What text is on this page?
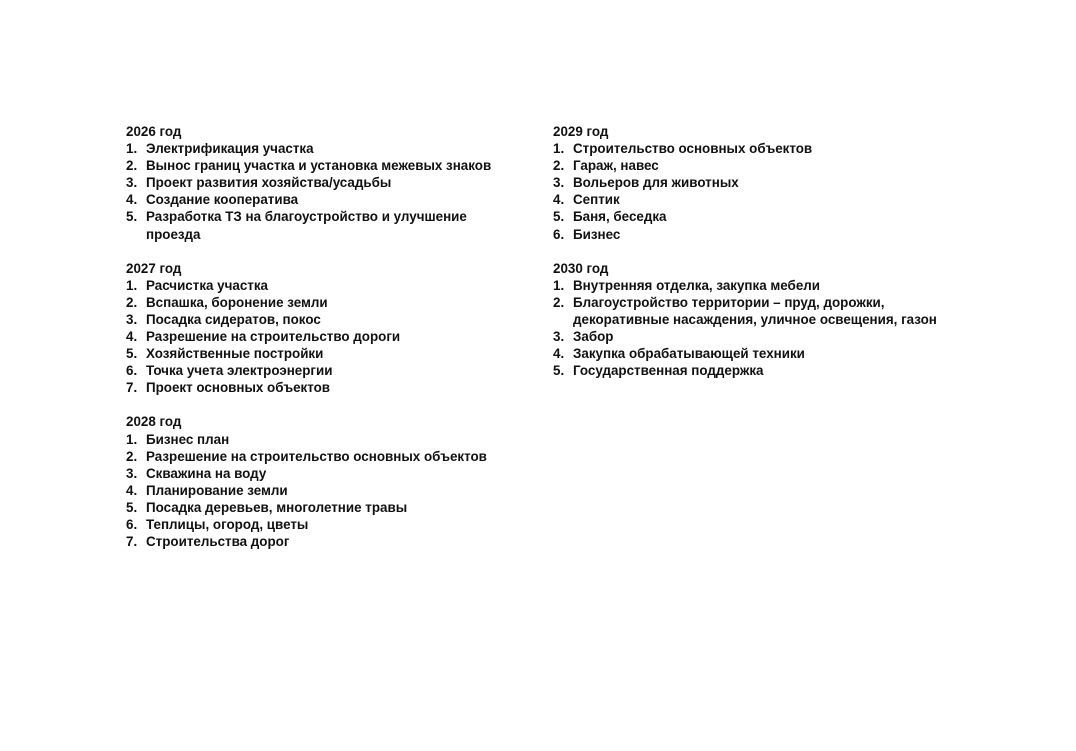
2026 год
1. Электрификация участка
2. Вынос границ участка и установка межевых знаков
3. Проект развития хозяйства/усадьбы
4. Создание кооператива
5. Разработка ТЗ на благоустройство и улучшение проезда
2027 год
1. Расчистка участка
2. Вспашка, боронение земли
3. Посадка сидератов, покос
4. Разрешение на строительство дороги
5. Хозяйственные постройки
6. Точка учета электроэнергии
7. Проект основных объектов
2028 год
1. Бизнес план
2. Разрешение на строительство основных объектов
3. Скважина на воду
4. Планирование земли
5. Посадка деревьев, многолетние травы
6. Теплицы, огород, цветы
7. Строительства дорог
2029 год
1. Строительство основных объектов
2. Гараж, навес
3. Вольеров для животных
4. Септик
5. Баня, беседка
6. Бизнес
2030 год
1. Внутренняя отделка, закупка мебели
2. Благоустройство территории – пруд, дорожки, декоративные насаждения, уличное освещения, газон
3. Забор
4. Закупка обрабатывающей техники
5. Государственная поддержка
